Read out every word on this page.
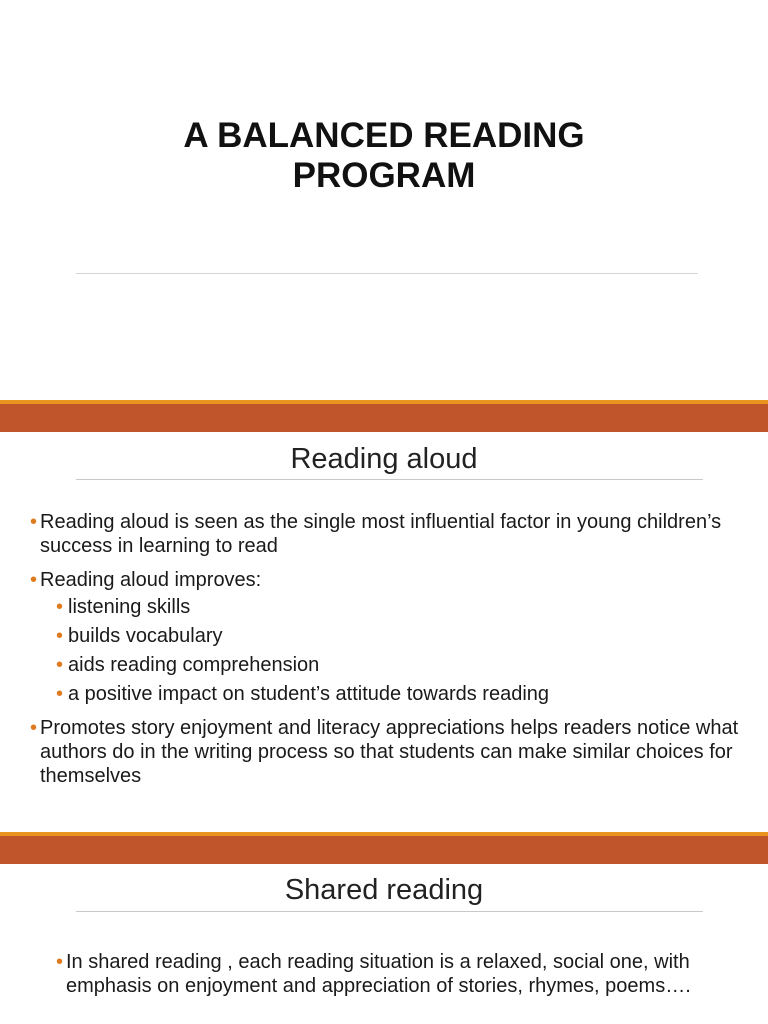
A BALANCED READING
PROGRAM
Reading aloud
• Reading aloud is seen as the single most influential factor in young children’s success in learning to read
• Reading aloud improves:
• listening skills
• builds vocabulary
• aids reading comprehension
• a positive impact on student’s attitude towards reading
• Promotes story enjoyment and literacy appreciations helps readers notice what authors do in the writing process so that students can make similar choices for themselves
Shared reading
• In shared reading , each reading situation is a relaxed, social one, with emphasis on enjoyment and appreciation of stories, rhymes, poems….
